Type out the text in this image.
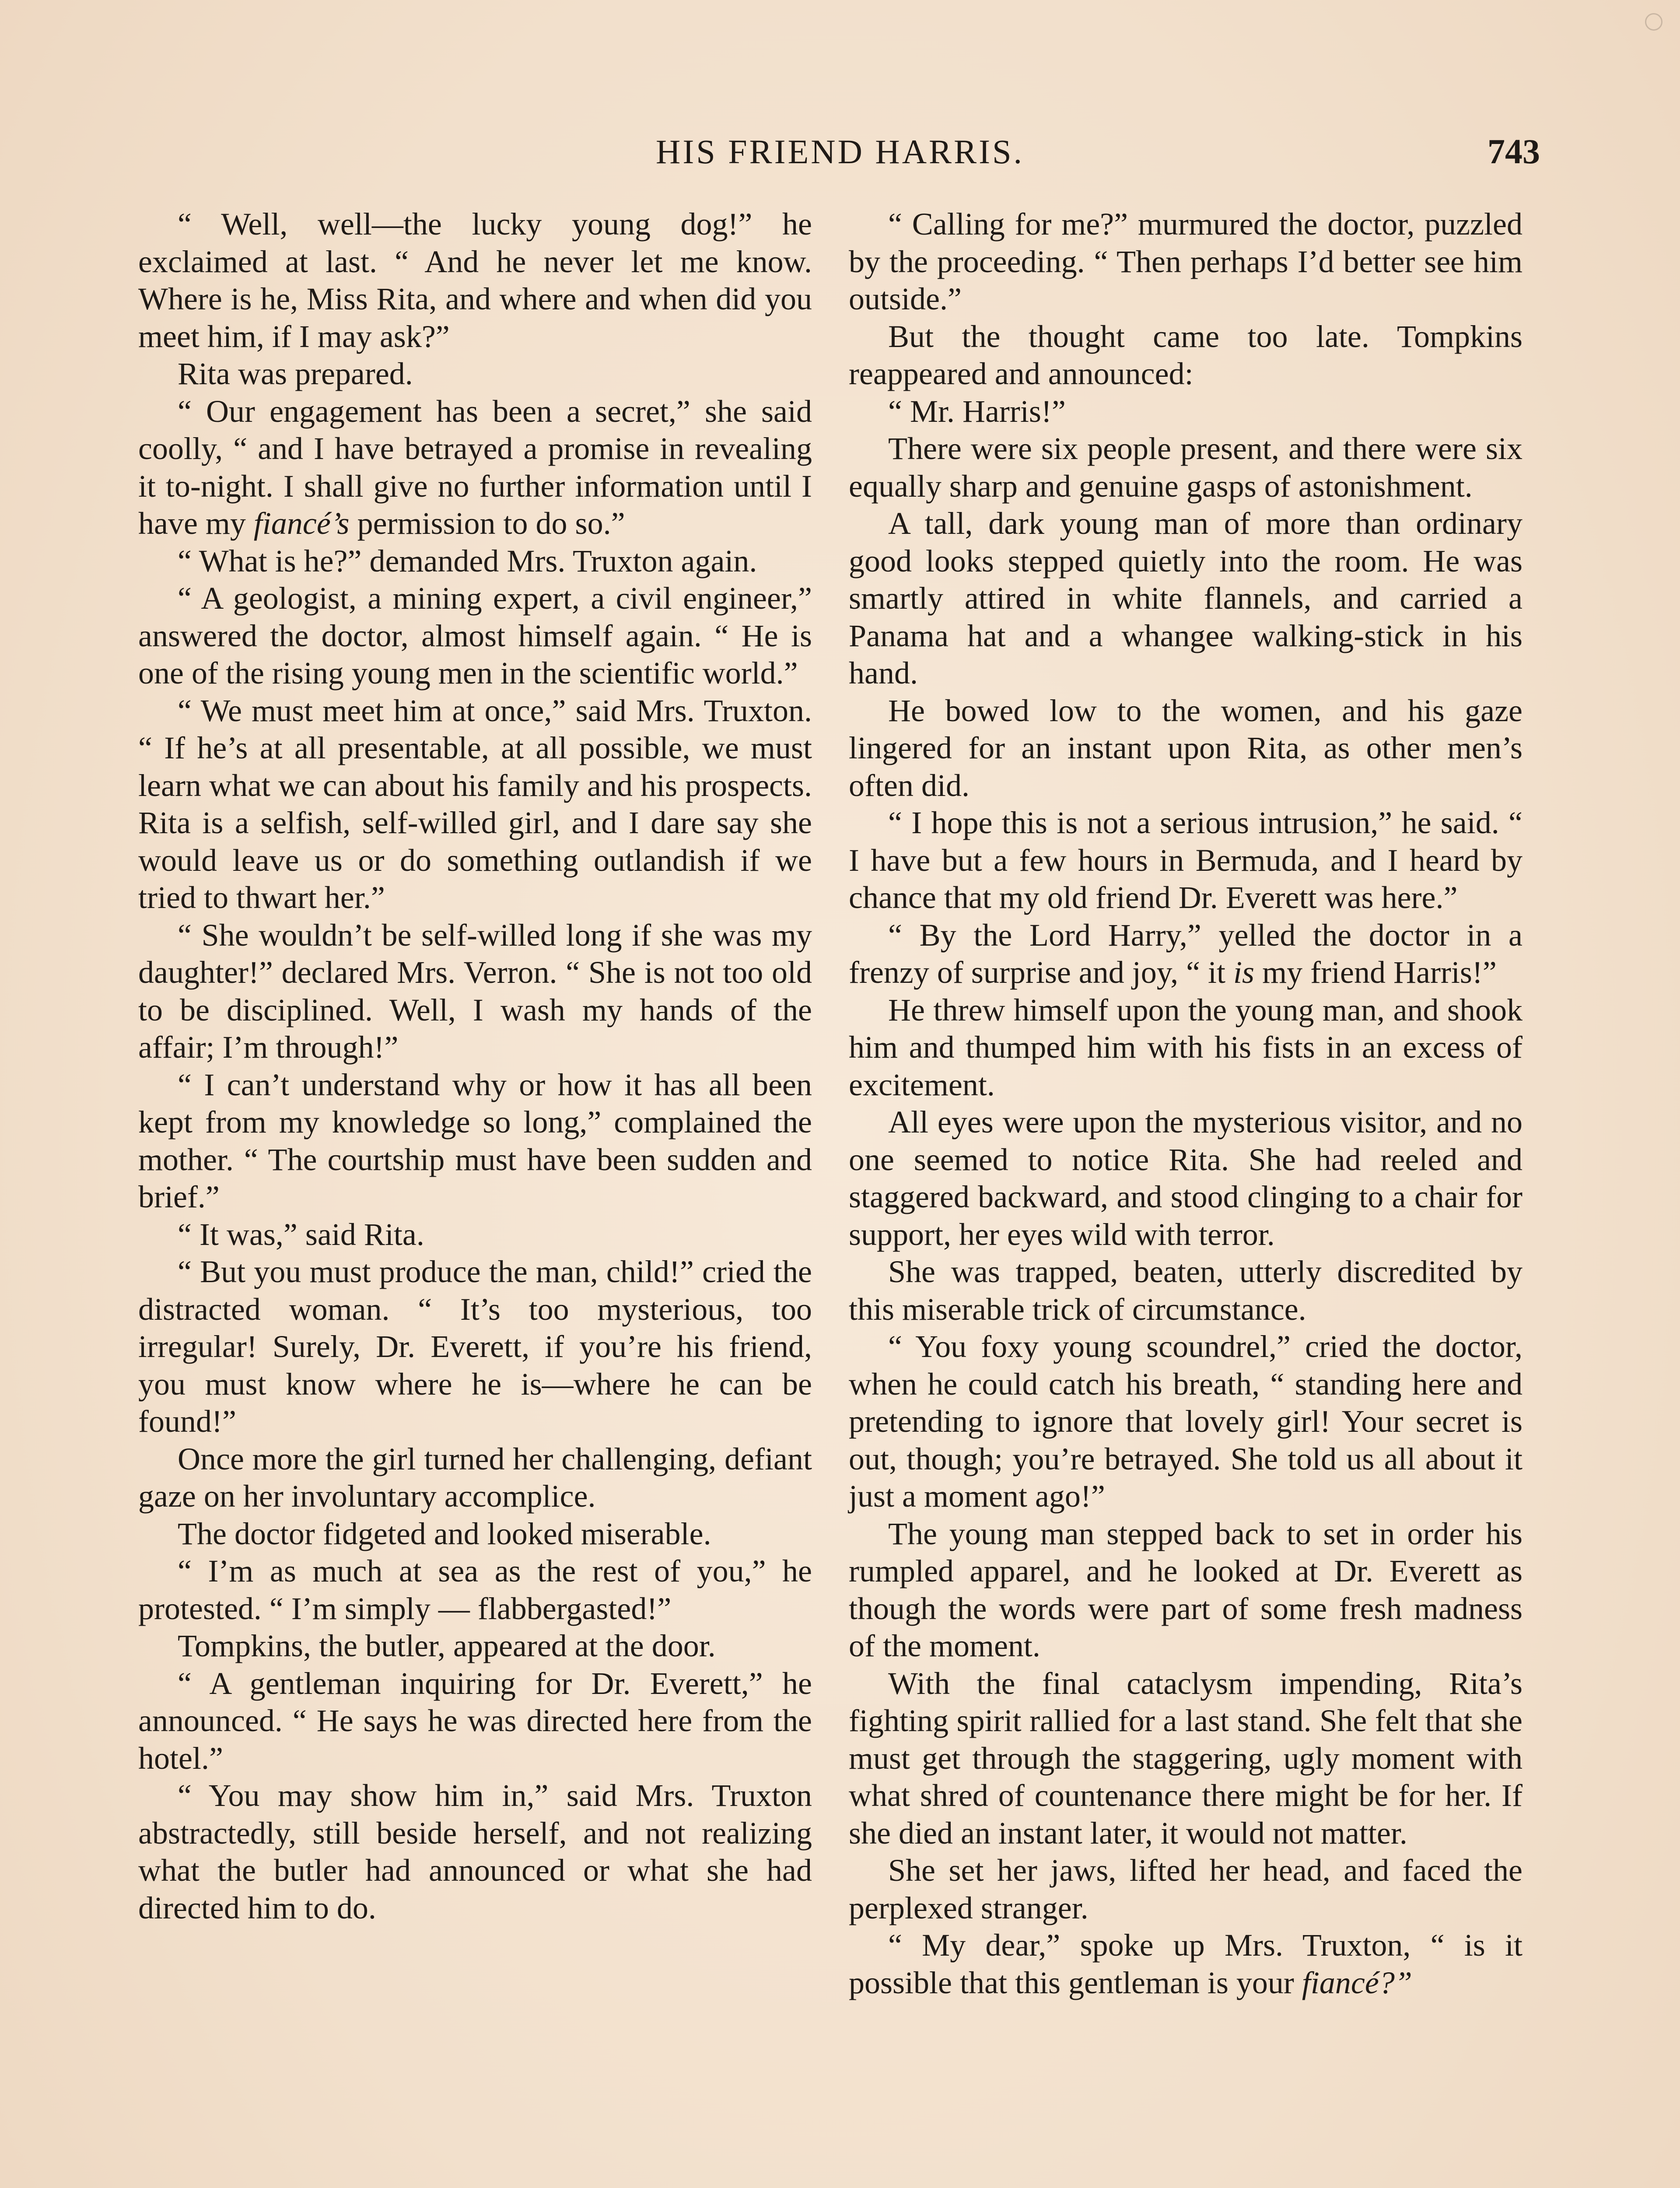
HIS FRIEND HARRIS.	743

“ Well, well—the lucky young dog!” he exclaimed at last. “ And he never let me know. Where is he, Miss Rita, and where and when did you meet him, if I may ask?”

Rita was prepared.

“ Our engagement has been a secret,” she said coolly, “ and I have betrayed a promise in revealing it to-night. I shall give no further information until I have my fiancé’s permission to do so.”

“ What is he?” demanded Mrs. Truxton again.

“ A geologist, a mining expert, a civil engineer,” answered the doctor, almost himself again. “ He is one of the rising young men in the scientific world.”

“ We must meet him at once,” said Mrs. Truxton. “ If he’s at all presentable, at all possible, we must learn what we can about his family and his prospects. Rita is a selfish, self-willed girl, and I dare say she would leave us or do something outlandish if we tried to thwart her.”

“ She wouldn’t be self-willed long if she was my daughter!” declared Mrs. Verron. “ She is not too old to be disciplined. Well, I wash my hands of the affair; I’m through!”

“ I can’t understand why or how it has all been kept from my knowledge so long,” complained the mother. “ The courtship must have been sudden and brief.”

“ It was,” said Rita.

“ But you must produce the man, child!” cried the distracted woman. “ It’s too mysterious, too irregular! Surely, Dr. Everett, if you’re his friend, you must know where he is—where he can be found!”

Once more the girl turned her challenging, defiant gaze on her involuntary accomplice.

The doctor fidgeted and looked miserable.

“ I’m as much at sea as the rest of you,” he protested. “ I’m simply — flabbergasted!”

Tompkins, the butler, appeared at the door.

“ A gentleman inquiring for Dr. Everett,” he announced. “ He says he was directed here from the hotel.”

“ You may show him in,” said Mrs. Truxton abstractedly, still beside herself, and not realizing what the butler had announced or what she had directed him to do.

“ Calling for me?” murmured the doctor, puzzled by the proceeding. “ Then perhaps I’d better see him outside.”

But the thought came too late. Tompkins reappeared and announced:

“ Mr. Harris!”

There were six people present, and there were six equally sharp and genuine gasps of astonishment.

A tall, dark young man of more than ordinary good looks stepped quietly into the room. He was smartly attired in white flannels, and carried a Panama hat and a whangee walking-stick in his hand.

He bowed low to the women, and his gaze lingered for an instant upon Rita, as other men’s often did.

“ I hope this is not a serious intrusion,” he said. “ I have but a few hours in Bermuda, and I heard by chance that my old friend Dr. Everett was here.”

“ By the Lord Harry,” yelled the doctor in a frenzy of surprise and joy, “ it is my friend Harris!”

He threw himself upon the young man, and shook him and thumped him with his fists in an excess of excitement.

All eyes were upon the mysterious visitor, and no one seemed to notice Rita. She had reeled and staggered backward, and stood clinging to a chair for support, her eyes wild with terror.

She was trapped, beaten, utterly discredited by this miserable trick of circumstance.

“ You foxy young scoundrel,” cried the doctor, when he could catch his breath, “ standing here and pretending to ignore that lovely girl! Your secret is out, though; you’re betrayed. She told us all about it just a moment ago!”

The young man stepped back to set in order his rumpled apparel, and he looked at Dr. Everett as though the words were part of some fresh madness of the moment.

With the final cataclysm impending, Rita’s fighting spirit rallied for a last stand. She felt that she must get through the staggering, ugly moment with what shred of countenance there might be for her. If she died an instant later, it would not matter.

She set her jaws, lifted her head, and faced the perplexed stranger.

“ My dear,” spoke up Mrs. Truxton, “ is it possible that this gentleman is your fiancé?”
